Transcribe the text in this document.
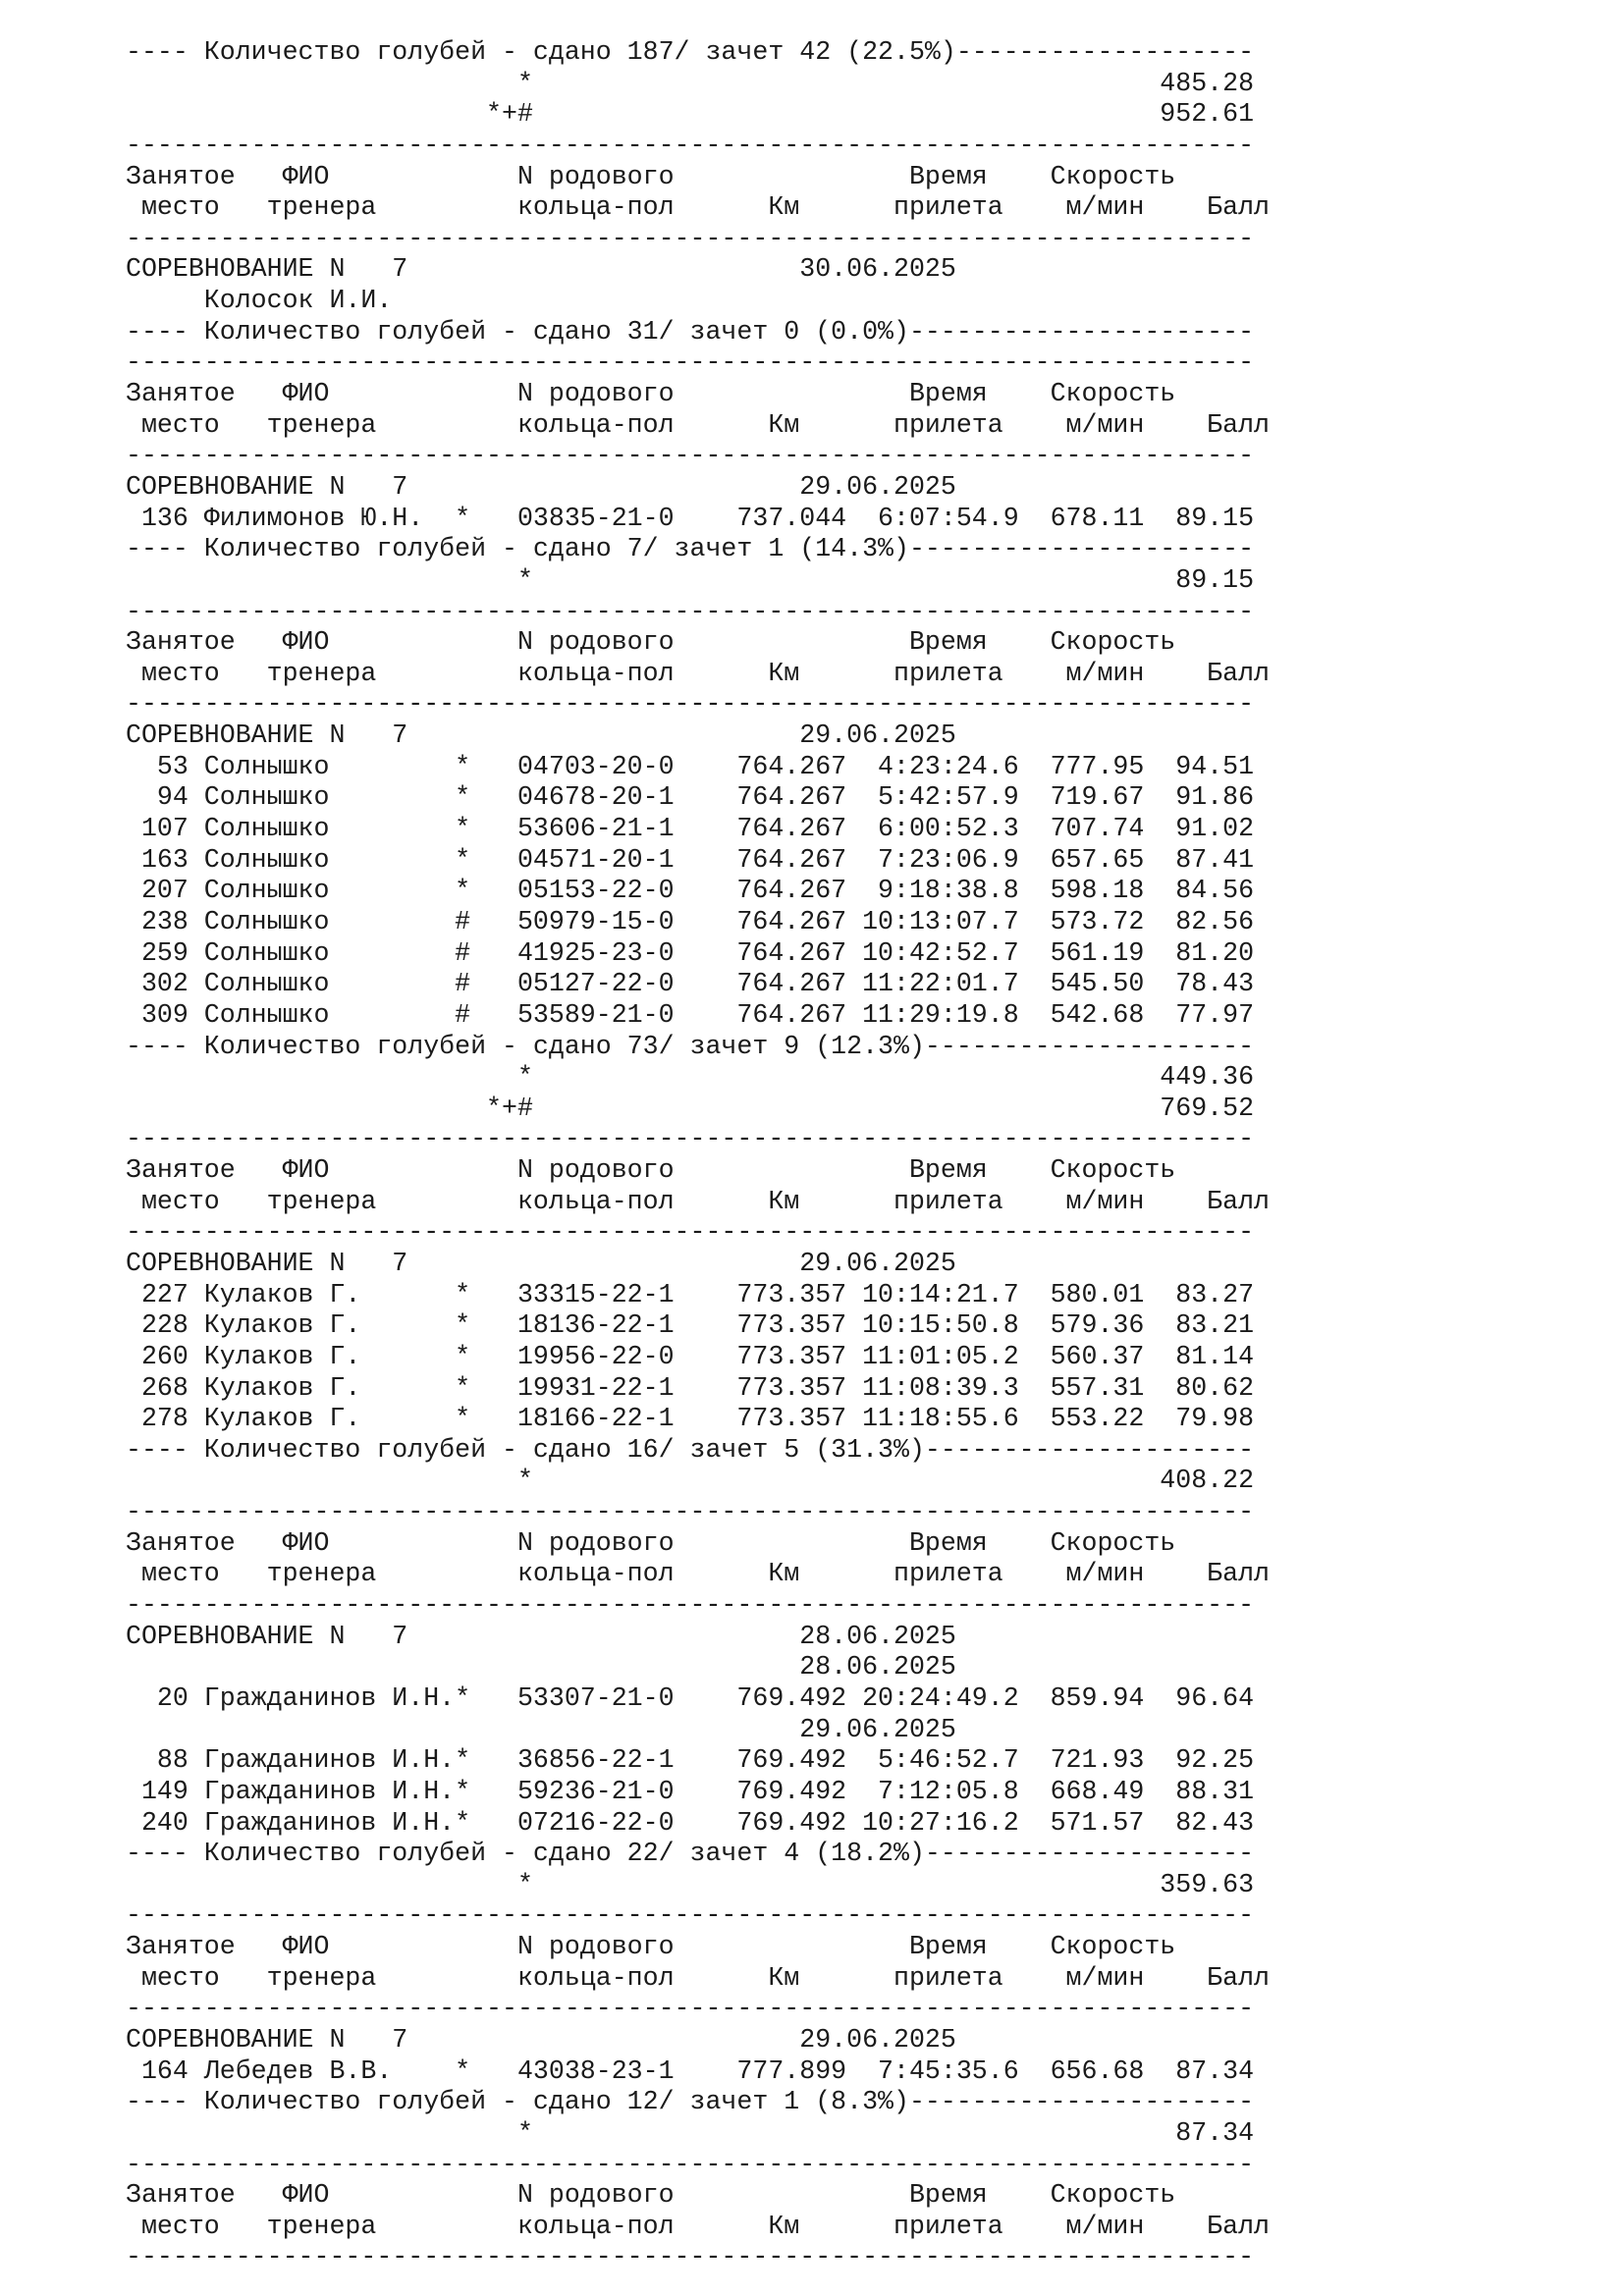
---- Количество голубей - сдано 187/ зачет 42 (22.5%)-------------------
*                                        485.28
*+#                                        952.61
------------------------------------------------------------------------
Занятое   ФИО            N родового               Время    Скорость
место   тренера         кольца-пол      Км      прилета    м/мин    Балл
------------------------------------------------------------------------
СОРЕВНОВАНИЕ N   7                         30.06.2025
Колосок И.И.
---- Количество голубей - сдано 31/ зачет 0 (0.0%)----------------------
------------------------------------------------------------------------
Занятое   ФИО            N родового               Время    Скорость
место   тренера         кольца-пол      Км      прилета    м/мин    Балл
------------------------------------------------------------------------
СОРЕВНОВАНИЕ N   7                         29.06.2025
136 Филимонов Ю.Н.  *   03835-21-0    737.044  6:07:54.9  678.11  89.15
---- Количество голубей - сдано 7/ зачет 1 (14.3%)----------------------
*                                         89.15
------------------------------------------------------------------------
Занятое   ФИО            N родового               Время    Скорость
место   тренера         кольца-пол      Км      прилета    м/мин    Балл
------------------------------------------------------------------------
СОРЕВНОВАНИЕ N   7                         29.06.2025
53 Солнышко        *   04703-20-0    764.267  4:23:24.6  777.95  94.51
94 Солнышко        *   04678-20-1    764.267  5:42:57.9  719.67  91.86
107 Солнышко        *   53606-21-1    764.267  6:00:52.3  707.74  91.02
163 Солнышко        *   04571-20-1    764.267  7:23:06.9  657.65  87.41
207 Солнышко        *   05153-22-0    764.267  9:18:38.8  598.18  84.56
238 Солнышко        #   50979-15-0    764.267 10:13:07.7  573.72  82.56
259 Солнышко        #   41925-23-0    764.267 10:42:52.7  561.19  81.20
302 Солнышко        #   05127-22-0    764.267 11:22:01.7  545.50  78.43
309 Солнышко        #   53589-21-0    764.267 11:29:19.8  542.68  77.97
---- Количество голубей - сдано 73/ зачет 9 (12.3%)---------------------
*                                        449.36
*+#                                        769.52
------------------------------------------------------------------------
Занятое   ФИО            N родового               Время    Скорость
место   тренера         кольца-пол      Км      прилета    м/мин    Балл
------------------------------------------------------------------------
СОРЕВНОВАНИЕ N   7                         29.06.2025
227 Кулаков Г.      *   33315-22-1    773.357 10:14:21.7  580.01  83.27
228 Кулаков Г.      *   18136-22-1    773.357 10:15:50.8  579.36  83.21
260 Кулаков Г.      *   19956-22-0    773.357 11:01:05.2  560.37  81.14
268 Кулаков Г.      *   19931-22-1    773.357 11:08:39.3  557.31  80.62
278 Кулаков Г.      *   18166-22-1    773.357 11:18:55.6  553.22  79.98
---- Количество голубей - сдано 16/ зачет 5 (31.3%)---------------------
*                                        408.22
------------------------------------------------------------------------
Занятое   ФИО            N родового               Время    Скорость
место   тренера         кольца-пол      Км      прилета    м/мин    Балл
------------------------------------------------------------------------
СОРЕВНОВАНИЕ N   7                         28.06.2025
28.06.2025
20 Гражданинов И.Н.*   53307-21-0    769.492 20:24:49.2  859.94  96.64
29.06.2025
88 Гражданинов И.Н.*   36856-22-1    769.492  5:46:52.7  721.93  92.25
149 Гражданинов И.Н.*   59236-21-0    769.492  7:12:05.8  668.49  88.31
240 Гражданинов И.Н.*   07216-22-0    769.492 10:27:16.2  571.57  82.43
---- Количество голубей - сдано 22/ зачет 4 (18.2%)---------------------
*                                        359.63
------------------------------------------------------------------------
Занятое   ФИО            N родового               Время    Скорость
место   тренера         кольца-пол      Км      прилета    м/мин    Балл
------------------------------------------------------------------------
СОРЕВНОВАНИЕ N   7                         29.06.2025
164 Лебедев В.В.    *   43038-23-1    777.899  7:45:35.6  656.68  87.34
---- Количество голубей - сдано 12/ зачет 1 (8.3%)----------------------
*                                         87.34
------------------------------------------------------------------------
Занятое   ФИО            N родового               Время    Скорость
место   тренера         кольца-пол      Км      прилета    м/мин    Балл
------------------------------------------------------------------------
